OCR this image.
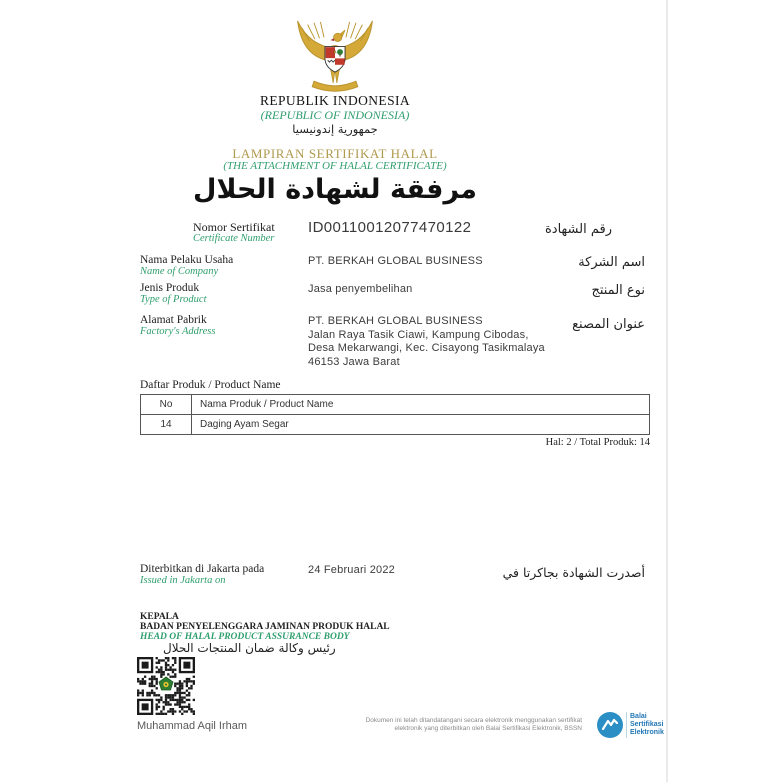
REPUBLIK INDONESIA
(REPUBLIC OF INDONESIA)
جمهورية إندونيسيا
LAMPIRAN SERTIFIKAT HALAL
(THE ATTACHMENT OF HALAL CERTIFICATE)
مرفقة لشهادة الحلال
Nomor Sertifikat
Certificate Number
ID00110012077470122	رقم الشهادة
Nama Pelaku Usaha
Name of Company
PT. BERKAH GLOBAL BUSINESS	اسم الشركة
Jenis Produk
Type of Product
Jasa penyembelihan	نوع المنتج
Alamat Pabrik
Factory's Address
PT. BERKAH GLOBAL BUSINESS
Jalan Raya Tasik Ciawi, Kampung Cibodas,
Desa Mekarwangi, Kec. Cisayong Tasikmalaya
46153 Jawa Barat
عنوان المصنع
Daftar Produk / Product Name
No	Nama Produk / Product Name
14	Daging Ayam Segar
Hal: 2 / Total Produk: 14
Diterbitkan di Jakarta pada
Issued in Jakarta on
24 Februari 2022	أصدرت الشهادة بجاكرتا في
KEPALA
BADAN PENYELENGGARA JAMINAN PRODUK HALAL
HEAD OF HALAL PRODUCT ASSURANCE BODY
رئيس وكالة ضمان المنتجات الحلال
Muhammad Aqil Irham	Dokumen ini telah ditandatangani secara elektronik menggunakan sertifikat
elektronik yang diterbitkan oleh Balai Sertifikasi Elektronik, BSSN
Balai
Sertifikasi
Elektronik
